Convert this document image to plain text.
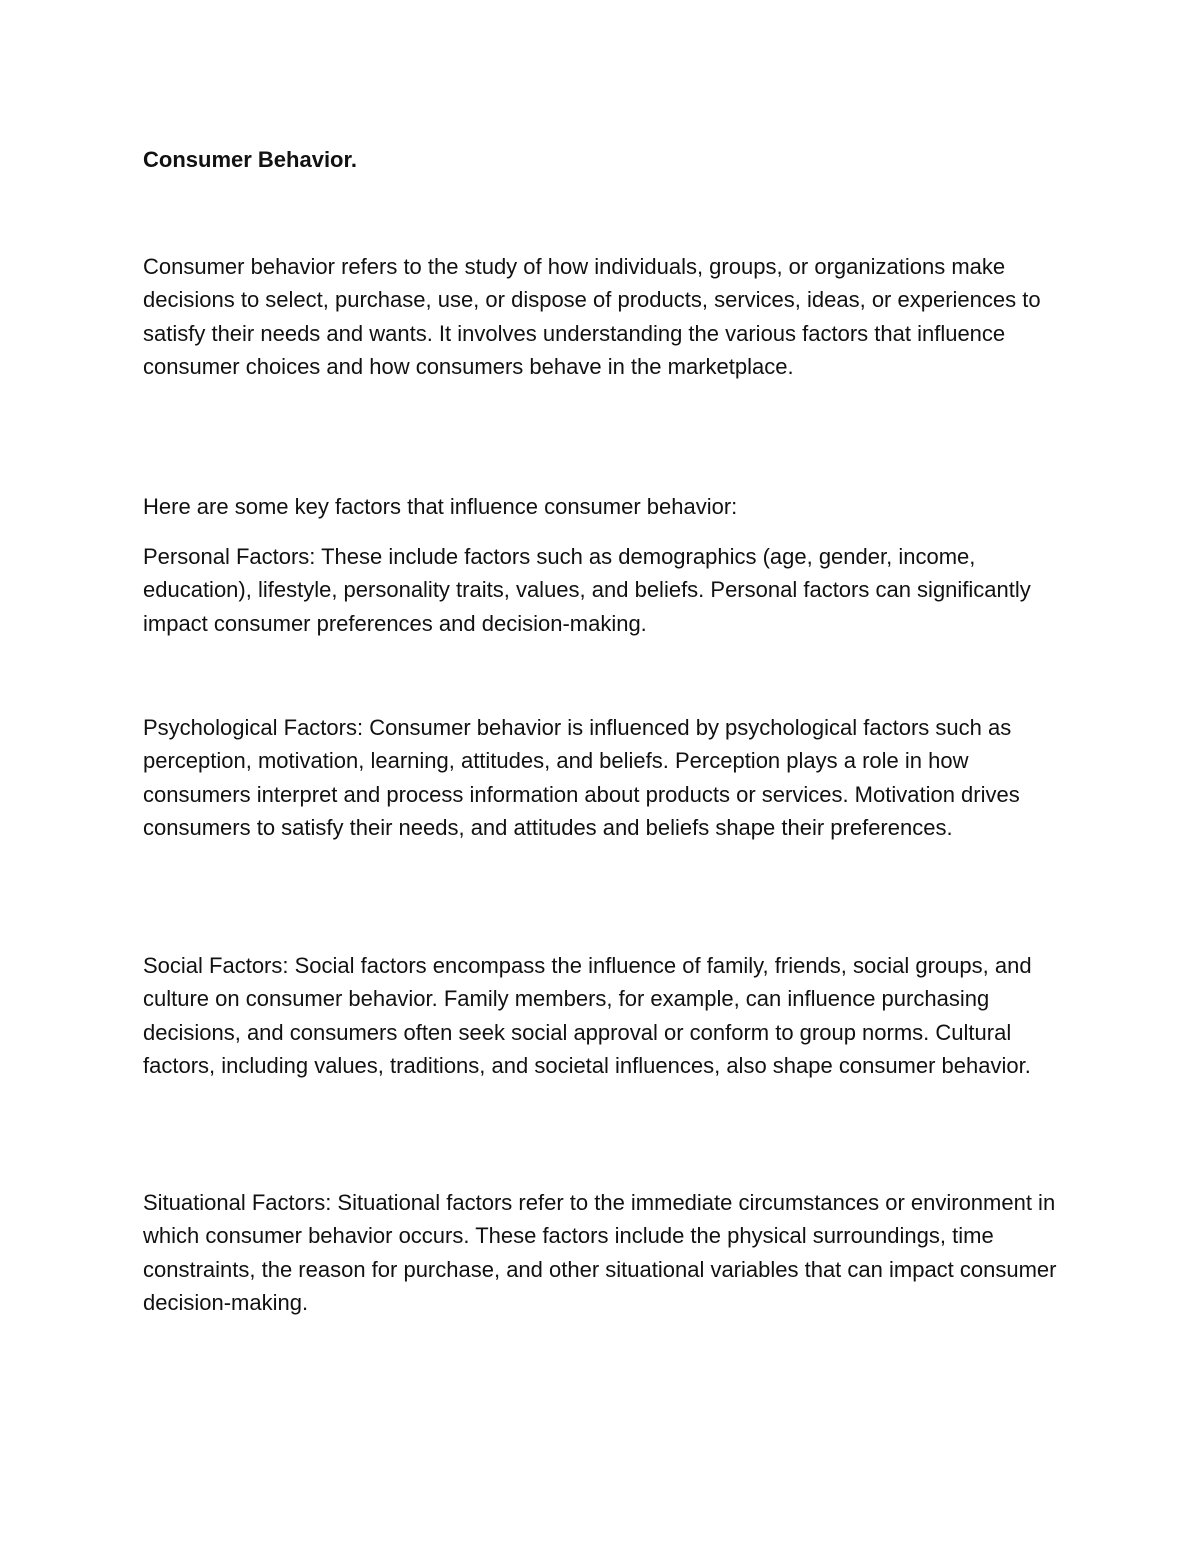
Consumer Behavior.

Consumer behavior refers to the study of how individuals, groups, or organizations make decisions to select, purchase, use, or dispose of products, services, ideas, or experiences to satisfy their needs and wants. It involves understanding the various factors that influence consumer choices and how consumers behave in the marketplace.

Here are some key factors that influence consumer behavior:

Personal Factors: These include factors such as demographics (age, gender, income, education), lifestyle, personality traits, values, and beliefs. Personal factors can significantly impact consumer preferences and decision-making.

Psychological Factors: Consumer behavior is influenced by psychological factors such as perception, motivation, learning, attitudes, and beliefs. Perception plays a role in how consumers interpret and process information about products or services. Motivation drives consumers to satisfy their needs, and attitudes and beliefs shape their preferences.

Social Factors: Social factors encompass the influence of family, friends, social groups, and culture on consumer behavior. Family members, for example, can influence purchasing decisions, and consumers often seek social approval or conform to group norms. Cultural factors, including values, traditions, and societal influences, also shape consumer behavior.

Situational Factors: Situational factors refer to the immediate circumstances or environment in which consumer behavior occurs. These factors include the physical surroundings, time constraints, the reason for purchase, and other situational variables that can impact consumer decision-making.
